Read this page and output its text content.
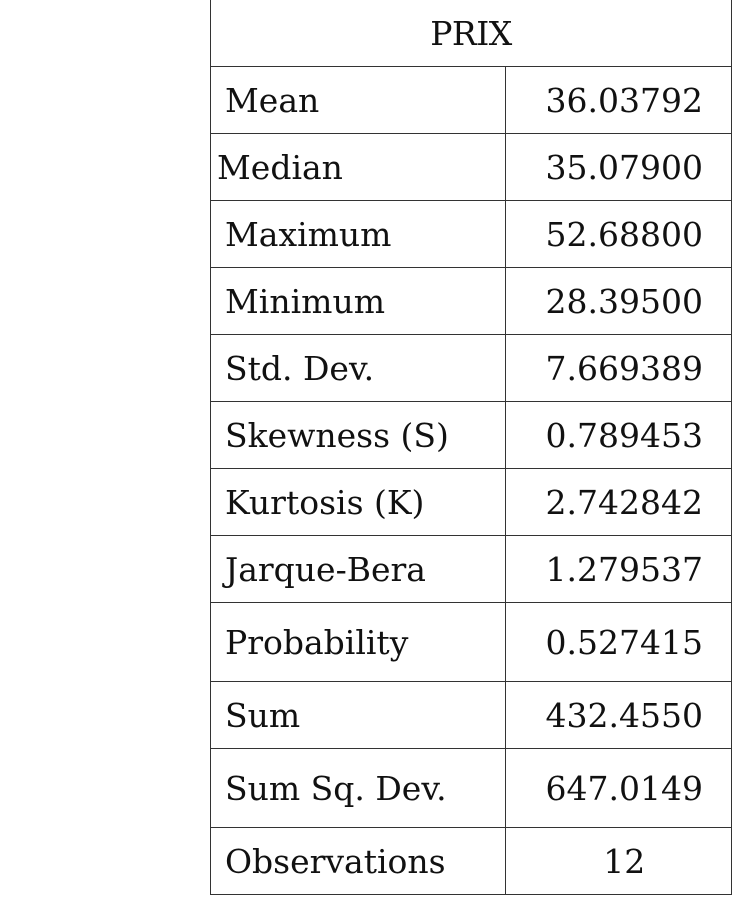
PRIX	
Mean	36.03792
Median	35.07900
Maximum	52.68800
Minimum	28.39500
Std. Dev.	7.669389
Skewness (S)	0.789453
Kurtosis (K)	2.742842
Jarque-Bera	1.279537
Probability	0.527415
Sum	432.4550
Sum Sq. Dev.	647.0149
Observations	12
